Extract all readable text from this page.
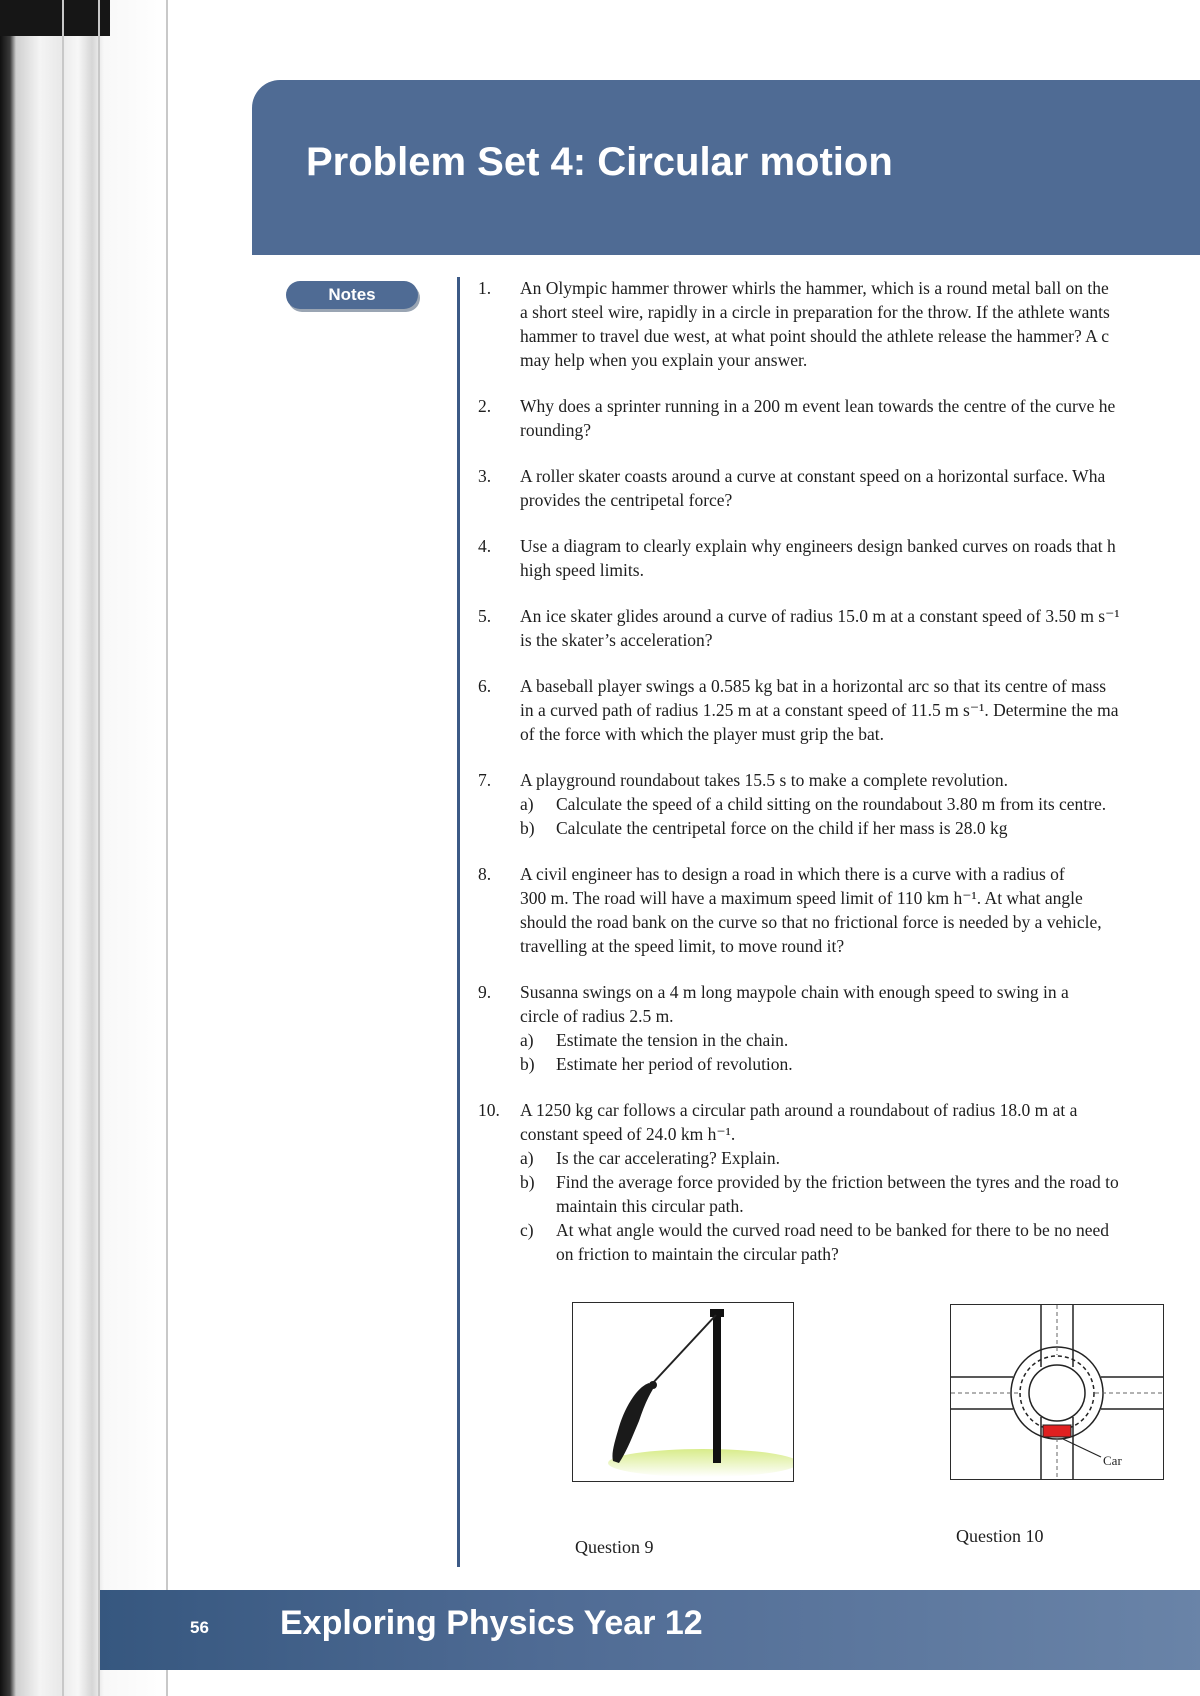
Problem Set 4: Circular motion
Notes	1. An Olympic hammer thrower whirls the hammer, which is a round metal ball on the
a short steel wire, rapidly in a circle in preparation for the throw. If the athlete wants
hammer to travel due west, at what point should the athlete release the hammer? A c
may help when you explain your answer.
2. Why does a sprinter running in a 200 m event lean towards the centre of the curve he
rounding?
3. A roller skater coasts around a curve at constant speed on a horizontal surface. Wha
provides the centripetal force?
4. Use a diagram to clearly explain why engineers design banked curves on roads that h
high speed limits.
5. An ice skater glides around a curve of radius 15.0 m at a constant speed of 3.50 m s⁻¹
is the skater’s acceleration?
6. A baseball player swings a 0.585 kg bat in a horizontal arc so that its centre of mass
in a curved path of radius 1.25 m at a constant speed of 11.5 m s⁻¹. Determine the ma
of the force with which the player must grip the bat.
7. A playground roundabout takes 15.5 s to make a complete revolution.
a) Calculate the speed of a child sitting on the roundabout 3.80 m from its centre.
b) Calculate the centripetal force on the child if her mass is 28.0 kg
8. A civil engineer has to design a road in which there is a curve with a radius of
300 m. The road will have a maximum speed limit of 110 km h⁻¹. At what angle
should the road bank on the curve so that no frictional force is needed by a vehicle,
travelling at the speed limit, to move round it?
9. Susanna swings on a 4 m long maypole chain with enough speed to swing in a
circle of radius 2.5 m.
a) Estimate the tension in the chain.
b) Estimate her period of revolution.
10. A 1250 kg car follows a circular path around a roundabout of radius 18.0 m at a
constant speed of 24.0 km h⁻¹.
a) Is the car accelerating? Explain.
b) Find the average force provided by the friction between the tyres and the road to
maintain this circular path.
c) At what angle would the curved road need to be banked for there to be no need
on friction to maintain the circular path?
Question 9
Car
Question 10
56 Exploring Physics Year 12
